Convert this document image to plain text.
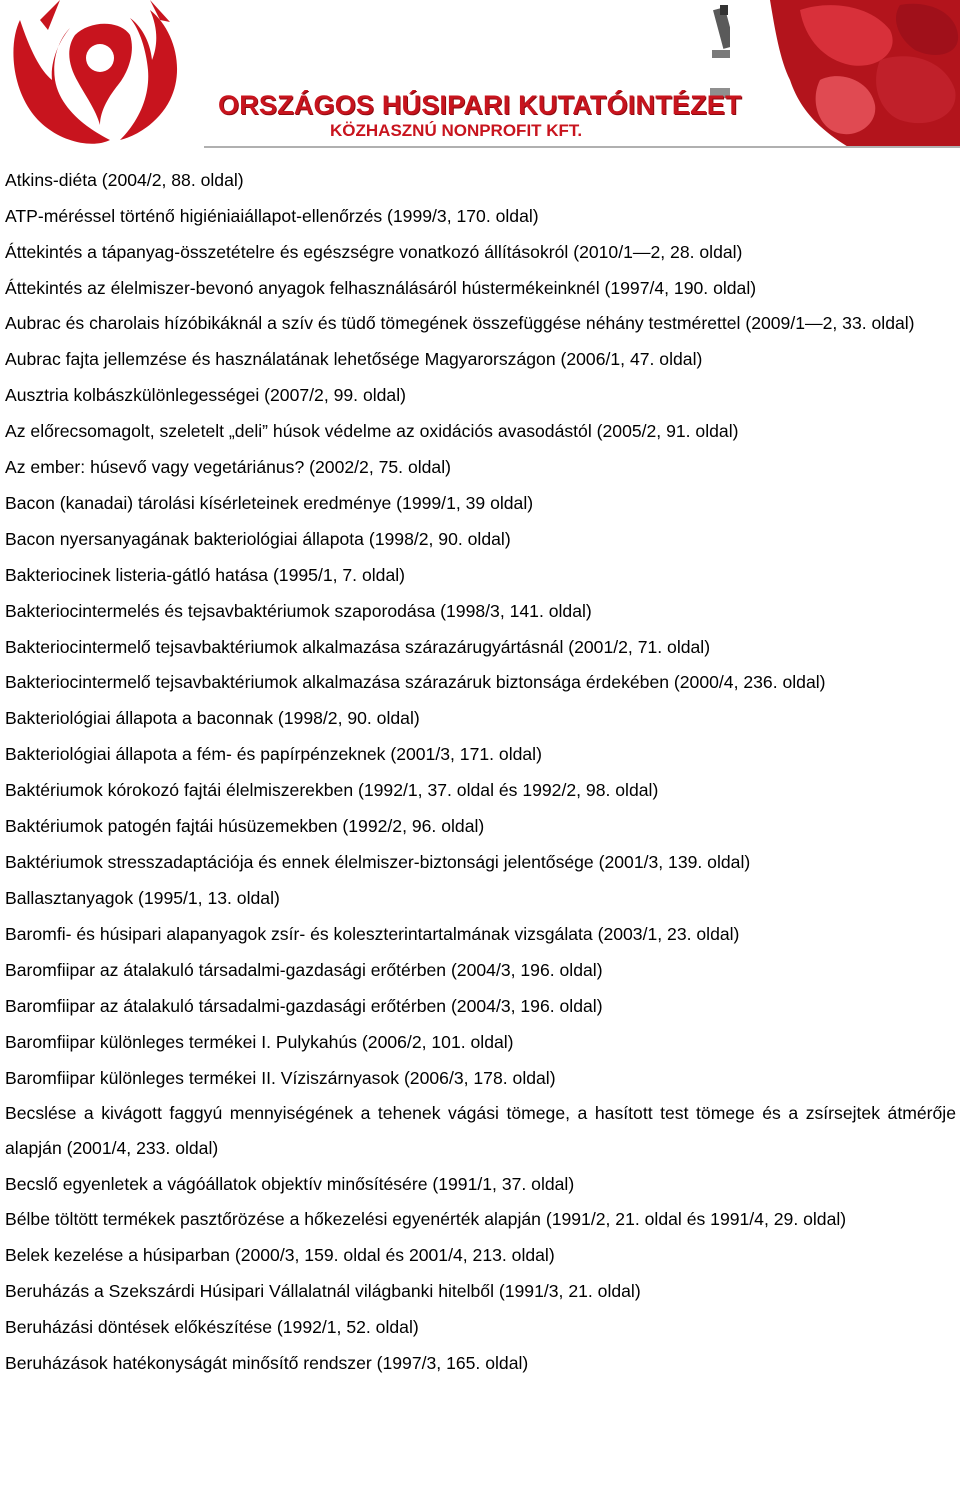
ORSZÁGOS HÚSIPARI KUTATÓINTÉZET
KÖZHASZNÚ NONPROFIT KFT.

Atkins-diéta (2004/2, 88. oldal)

ATP-méréssel történő higiéniaiállapot-ellenőrzés (1999/3, 170. oldal)

Áttekintés a tápanyag-összetételre és egészségre vonatkozó állításokról (2010/1—2, 28. oldal)

Áttekintés az élelmiszer-bevonó anyagok felhasználásáról hústermékeinknél (1997/4, 190. oldal)

Aubrac és charolais hízóbikáknál a szív és tüdő tömegének összefüggése néhány testmérettel (2009/1—2, 33. oldal)

Aubrac fajta jellemzése és használatának lehetősége Magyarországon (2006/1, 47. oldal)

Ausztria kolbászkülönlegességei (2007/2, 99. oldal)

Az előrecsomagolt, szeletelt „deli” húsok védelme az oxidációs avasodástól (2005/2, 91. oldal)

Az ember: húsevő vagy vegetáriánus? (2002/2, 75. oldal)

Bacon (kanadai) tárolási kísérleteinek eredménye (1999/1, 39 oldal)

Bacon nyersanyagának bakteriológiai állapota (1998/2, 90. oldal)

Bakteriocinek listeria-gátló hatása (1995/1, 7. oldal)

Bakteriocintermelés és tejsavbaktériumok szaporodása (1998/3, 141. oldal)

Bakteriocintermelő tejsavbaktériumok alkalmazása szárazárugyártásnál (2001/2, 71. oldal)

Bakteriocintermelő tejsavbaktériumok alkalmazása szárazáruk biztonsága érdekében (2000/4, 236. oldal)

Bakteriológiai állapota a baconnak (1998/2, 90. oldal)

Bakteriológiai állapota a fém- és papírpénzeknek (2001/3, 171. oldal)

Baktériumok kórokozó fajtái élelmiszerekben (1992/1, 37. oldal és 1992/2, 98. oldal)

Baktériumok patogén fajtái húsüzemekben (1992/2, 96. oldal)

Baktériumok stresszadaptációja és ennek élelmiszer-biztonsági jelentősége (2001/3, 139. oldal)

Ballasztanyagok (1995/1, 13. oldal)

Baromfi- és húsipari alapanyagok zsír- és koleszterintartalmának vizsgálata (2003/1, 23. oldal)

Baromfiipar az átalakuló társadalmi-gazdasági erőtérben (2004/3, 196. oldal)

Baromfiipar az átalakuló társadalmi-gazdasági erőtérben (2004/3, 196. oldal)

Baromfiipar különleges termékei I. Pulykahús (2006/2, 101. oldal)

Baromfiipar különleges termékei II. Víziszárnyasok (2006/3, 178. oldal)

Becslése a kivágott faggyú mennyiségének a tehenek vágási tömege, a hasított test tömege és a zsírsejtek átmérője alapján (2001/4, 233. oldal)

Becslő egyenletek a vágóállatok objektív minősítésére (1991/1, 37. oldal)

Bélbe töltött termékek pasztőrözése a hőkezelési egyenérték alapján (1991/2, 21. oldal és 1991/4, 29. oldal)

Belek kezelése a húsiparban (2000/3, 159. oldal és 2001/4, 213. oldal)

Beruházás a Szekszárdi Húsipari Vállalatnál világbanki hitelből (1991/3, 21. oldal)

Beruházási döntések előkészítése (1992/1, 52. oldal)

Beruházások hatékonyságát minősítő rendszer (1997/3, 165. oldal)
